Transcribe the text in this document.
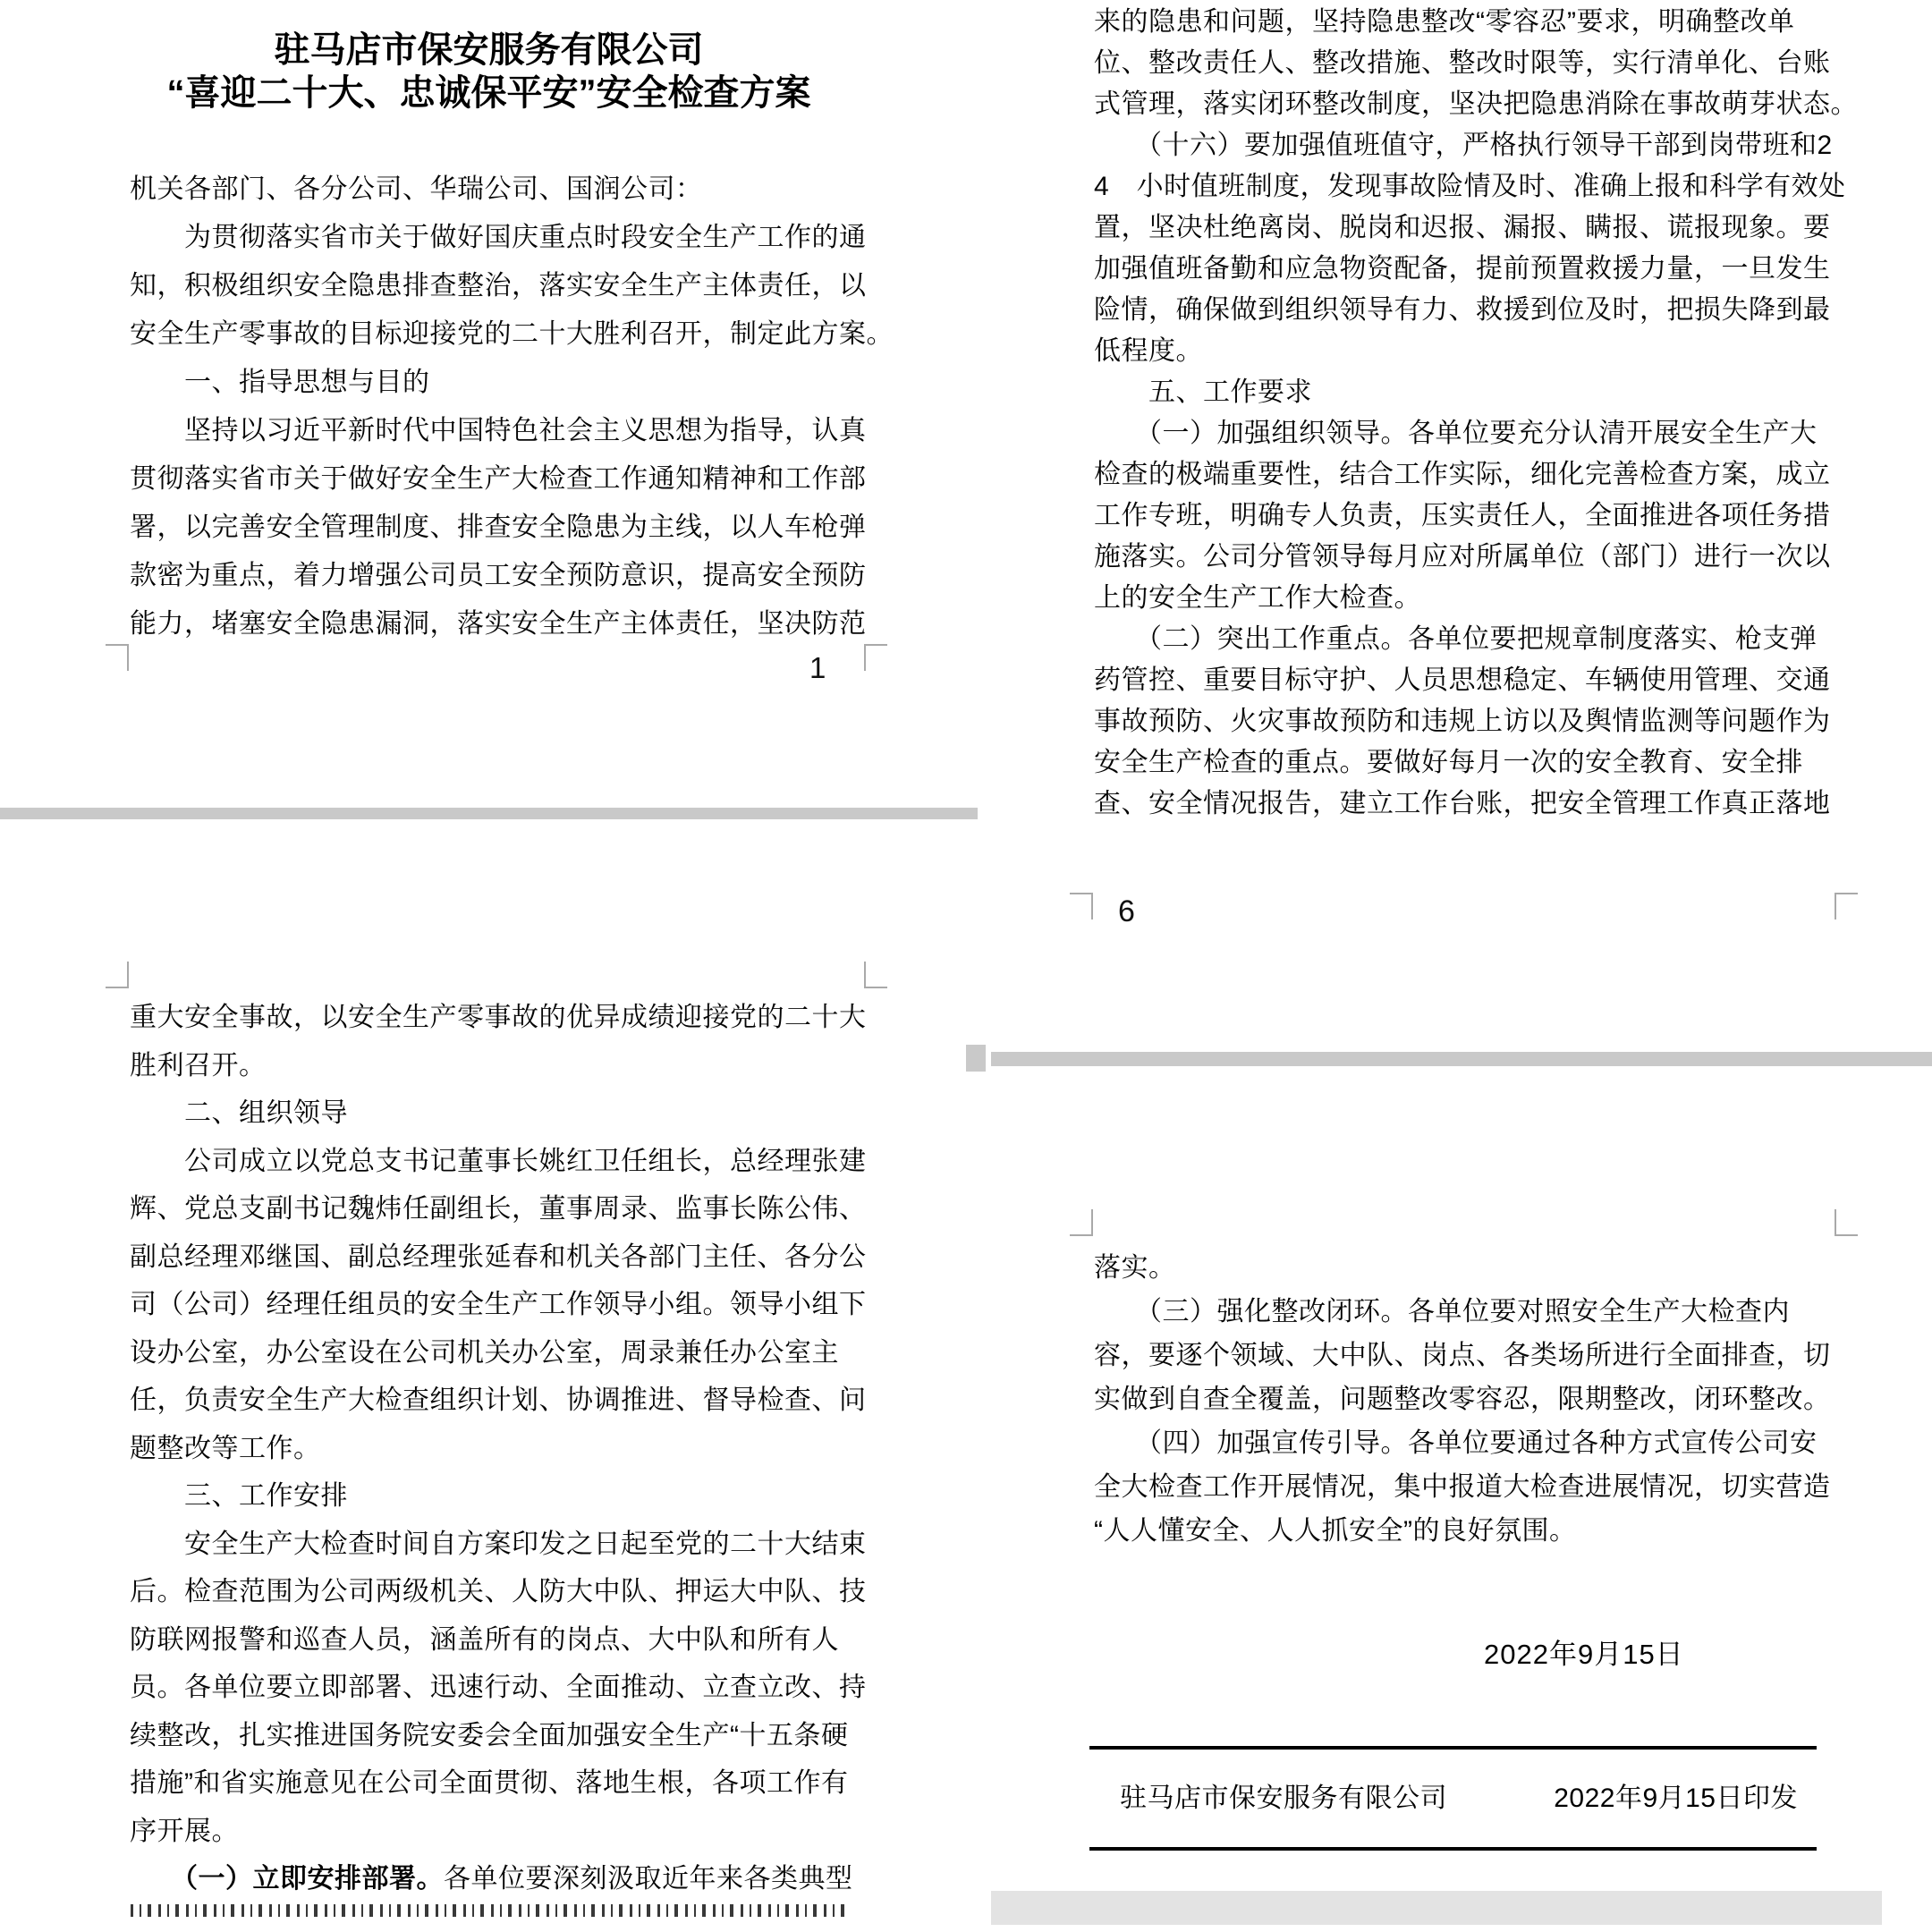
驻马店市保安服务有限公司
“喜迎二十大、忠诚保平安”安全检查方案
机关各部门、各分公司、华瑞公司、国润公司：
　　为贯彻落实省市关于做好国庆重点时段安全生产工作的通
知，积极组织安全隐患排查整治，落实安全生产主体责任，以
安全生产零事故的目标迎接党的二十大胜利召开，制定此方案。
　　一、指导思想与目的
　　坚持以习近平新时代中国特色社会主义思想为指导，认真
贯彻落实省市关于做好安全生产大检查工作通知精神和工作部
署，以完善安全管理制度、排查安全隐患为主线，以人车枪弹
款密为重点，着力增强公司员工安全预防意识，提高安全预防
能力，堵塞安全隐患漏洞，落实安全生产主体责任，坚决防范
1
重大安全事故，以安全生产零事故的优异成绩迎接党的二十大
胜利召开。
　　二、组织领导
　　公司成立以党总支书记董事长姚红卫任组长，总经理张建
辉、党总支副书记魏炜任副组长，董事周录、监事长陈公伟、
副总经理邓继国、副总经理张延春和机关各部门主任、各分公
司（公司）经理任组员的安全生产工作领导小组。领导小组下
设办公室，办公室设在公司机关办公室，周录兼任办公室主
任，负责安全生产大检查组织计划、协调推进、督导检查、问
题整改等工作。
　　三、工作安排
　　安全生产大检查时间自方案印发之日起至党的二十大结束
后。检查范围为公司两级机关、人防大中队、押运大中队、技
防联网报警和巡查人员，涵盖所有的岗点、大中队和所有人
员。各单位要立即部署、迅速行动、全面推动、立查立改、持
续整改，扎实推进国务院安委会全面加强安全生产“十五条硬
措施”和省实施意见在公司全面贯彻、落地生根，各项工作有
序开展。
　　（一）立即安排部署。各单位要深刻汲取近年来各类典型
来的隐患和问题，坚持隐患整改“零容忍”要求，明确整改单
位、整改责任人、整改措施、整改时限等，实行清单化、台账
式管理，落实闭环整改制度，坚决把隐患消除在事故萌芽状态。
　　（十六）要加强值班值守，严格执行领导干部到岗带班和2
4　小时值班制度，发现事故险情及时、准确上报和科学有效处
置，坚决杜绝离岗、脱岗和迟报、漏报、瞒报、谎报现象。要
加强值班备勤和应急物资配备，提前预置救援力量，一旦发生
险情，确保做到组织领导有力、救援到位及时，把损失降到最
低程度。
　　五、工作要求
　　（一）加强组织领导。各单位要充分认清开展安全生产大
检查的极端重要性，结合工作实际，细化完善检查方案，成立
工作专班，明确专人负责，压实责任人，全面推进各项任务措
施落实。公司分管领导每月应对所属单位（部门）进行一次以
上的安全生产工作大检查。
　　（二）突出工作重点。各单位要把规章制度落实、枪支弹
药管控、重要目标守护、人员思想稳定、车辆使用管理、交通
事故预防、火灾事故预防和违规上访以及舆情监测等问题作为
安全生产检查的重点。要做好每月一次的安全教育、安全排
查、安全情况报告，建立工作台账，把安全管理工作真正落地
6
落实。
　　（三）强化整改闭环。各单位要对照安全生产大检查内
容，要逐个领域、大中队、岗点、各类场所进行全面排查，切
实做到自查全覆盖，问题整改零容忍，限期整改，闭环整改。
　　（四）加强宣传引导。各单位要通过各种方式宣传公司安
全大检查工作开展情况，集中报道大检查进展情况，切实营造
“人人懂安全、人人抓安全”的良好氛围。
2022年9月15日
驻马店市保安服务有限公司	2022年9月15日印发
